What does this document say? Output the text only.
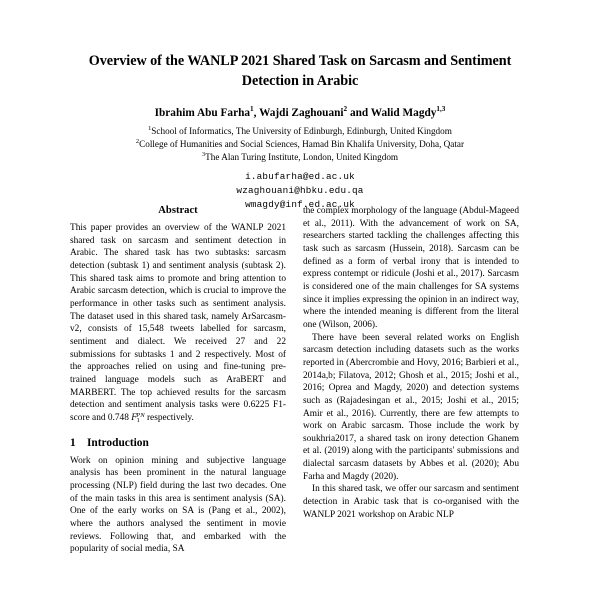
Overview of the WANLP 2021 Shared Task on Sarcasm and Sentiment Detection in Arabic
Ibrahim Abu Farha$^1$, Wajdi Zaghouani$^2$ and Walid Magdy$^{1,3}$
$^1$School of Informatics, The University of Edinburgh, Edinburgh, United Kingdom
$^2$College of Humanities and Social Sciences, Hamad Bin Khalifa University, Doha, Qatar
$^3$The Alan Turing Institute, London, United Kingdom
i.abufarha@ed.ac.uk
wzaghouani@hbku.edu.qa
wmagdy@inf.ed.ac.uk
Abstract

This paper provides an overview of the WANLP 2021 shared task on sarcasm and sentiment detection in Arabic. The shared task has two subtasks: sarcasm detection (subtask 1) and sentiment analysis (subtask 2). This shared task aims to promote and bring attention to Arabic sarcasm detection, which is crucial to improve the performance in other tasks such as sentiment analysis. The dataset used in this shared task, namely ArSarcasm-v2, consists of 15,548 tweets labelled for sarcasm, sentiment and dialect. We received 27 and 22 submissions for subtasks 1 and 2 respectively. Most of the approaches relied on using and fine-tuning pre-trained language models such as AraBERT and MARBERT. The top achieved results for the sarcasm detection and sentiment analysis tasks were 0.6225 F1-score and 0.748 $F_1^{PN}$ respectively.

1 Introduction

Work on opinion mining and subjective language analysis has been prominent in the natural language processing (NLP) field during the last two decades. One of the main tasks in this area is sentiment analysis (SA). One of the early works on SA is (Pang et al., 2002), where the authors analysed the sentiment in movie reviews. Following that, and embarked with the popularity of social media, SA

the complex morphology of the language (Abdul-Mageed et al., 2011). With the advancement of work on SA, researchers started tackling the challenges affecting this task such as sarcasm (Hussein, 2018). Sarcasm can be defined as a form of verbal irony that is intended to express contempt or ridicule (Joshi et al., 2017). Sarcasm is considered one of the main challenges for SA systems since it implies expressing the opinion in an indirect way, where the intended meaning is different from the literal one (Wilson, 2006).

There have been several related works on English sarcasm detection including datasets such as the works reported in (Abercrombie and Hovy, 2016; Barbieri et al., 2014a,b; Filatova, 2012; Ghosh et al., 2015; Joshi et al., 2016; Oprea and Magdy, 2020) and detection systems such as (Rajadesingan et al., 2015; Joshi et al., 2015; Amir et al., 2016). Currently, there are few attempts to work on Arabic sarcasm. Those include the work by soukhria2017, a shared task on irony detection Ghanem et al. (2019) along with the participants' submissions and dialectal sarcasm datasets by Abbes et al. (2020); Abu Farha and Magdy (2020).

In this shared task, we offer our sarcasm and sentiment detection in Arabic task that is co-organised with the WANLP 2021 workshop on Arabic NLP
